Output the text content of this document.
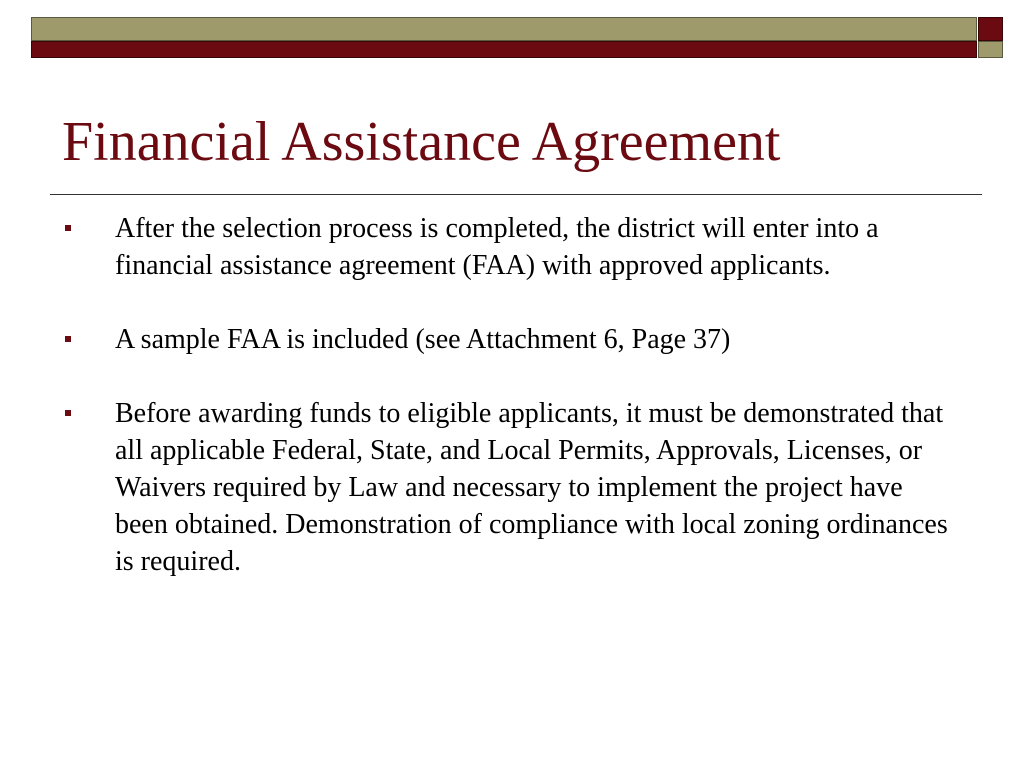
Financial Assistance Agreement
After the selection process is completed, the district will enter into a financial assistance agreement (FAA) with approved applicants.
A sample FAA is included (see Attachment 6, Page 37)
Before awarding funds to eligible applicants, it must be demonstrated that all applicable Federal, State, and Local Permits, Approvals, Licenses, or Waivers required by Law and necessary to implement the project have been obtained. Demonstration of compliance with local zoning ordinances is required.
